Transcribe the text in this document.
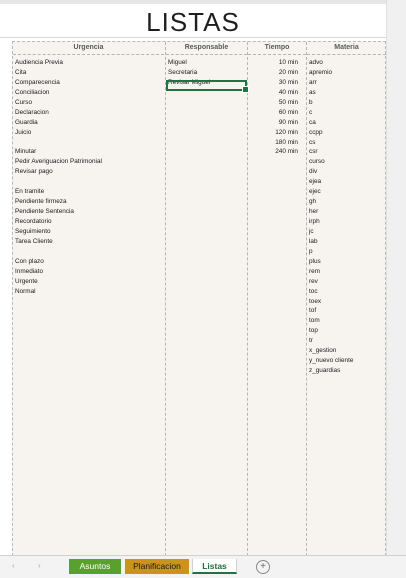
LISTAS
Urgencia
Audiencia Previa
Cita
Comparecencia
Conciliacion
Curso
Declaracion
Guardia
Juicio
Minutar
Pedir Averiguacion Patrimonial
Revisar pago
En tramite
Pendiente firmeza
Pendiente Sentencia
Recordatorio
Seguimiento
Tarea Cliente
Con plazo
Inmediato
Urgente
Normal
Responsable
Miguel
Secretaria
Revisar Miguel
Tiempo
10 min
20 min
30 min
40 min
50 min
60 min
90 min
120 min
180 min
240 min
Materia
advo
apremio
arr
as
b
c
ca
ccpp
cs
csr
curso
div
ejea
ejec
gh
her
irph
jc
lab
p
plus
rem
rev
toc
toex
tof
tom
top
tr
x_gestion
y_nuevo cliente
z_guardias
‹	›	Asuntos	Planificacion	Listas	+
